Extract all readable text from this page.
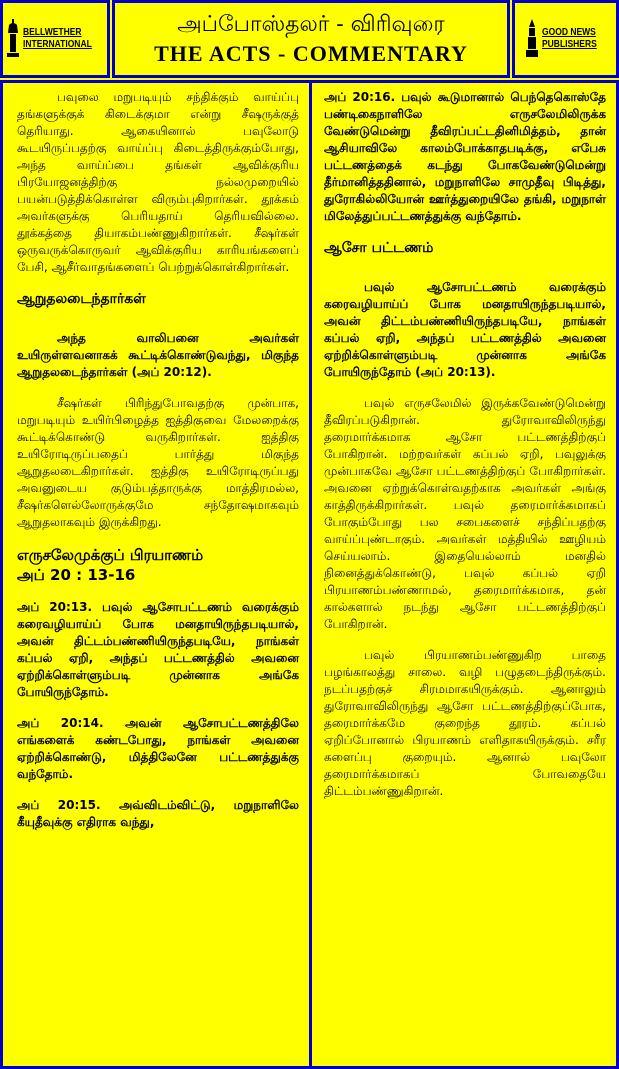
BELLWETHER
INTERNATIONAL
அப்போஸ்தலர் - விரிவுரை
THE ACTS - COMMENTARY
GOOD NEWS
PUBLISHERS

பவுலை மறுபடியும் சந்திக்கும் வாய்ப்பு தங்களுக்குக் கிடைக்குமா என்று சீஷருக்குத் தெரியாது. ஆகையினால் பவுலோடு கூடயிருப்பதற்கு வாய்ப்பு கிடைத்திருக்கும்போது, அந்த வாய்ப்பை தங்கள் ஆவிக்குரிய பிரயோஜனத்திற்கு நல்லமுறையில் பயன்படுத்திக்கொள்ள விரும்புகிறார்கள். தூக்கம் அவர்களுக்கு பெரியதாய் தெரியவில்லை. தூக்கத்தை தியாகம்பண்ணுகிறார்கள். சீஷர்கள் ஒருவருக்கொருவர் ஆவிக்குரிய காரியங்களைப் பேசி, ஆசீர்வாதங்களைப் பெற்றுக்கொள்கிறார்கள்.

ஆறுதலடைந்தார்கள்

அந்த வாலிபனை அவர்கள் உயிருள்ளவனாகக் கூட்டிக்கொண்டுவந்து, மிகுந்த ஆறுதலடைந்தார்கள் (அப் 20:12).

சீஷர்கள் பிரிந்துபோவதற்கு முன்பாக, மறுபடியும் உயிர்பிழைத்த ஐத்திகுவை மேலறைக்கு கூட்டிக்கொண்டு வருகிறார்கள். ஐத்திகு உயிரோடிருப்பதைப் பார்த்து மிகுந்த ஆறுதலடைகிறார்கள். ஐத்திகு உயிரோடிருப்பது அவனுடைய குடும்பத்தாருக்கு மாத்திரமல்ல, சீஷர்களெல்லோருக்குமே சந்தோஷமாகவும் ஆறுதலாகவும் இருக்கிறது.

எருசலேமுக்குப் பிரயாணம்
அப் 20 : 13-16

அப் 20:13. பவுல் ஆசோபட்டணம் வரைக்கும் கரைவழியாய்ப் போக மனதாயிருந்தபடியால், அவன் திட்டம்பண்ணியிருந்தபடியே, நாங்கள் கப்பல் ஏறி, அந்தப் பட்டணத்தில் அவனை ஏற்றிக்கொள்ளும்படி முன்னாக அங்கே போயிருந்தோம்.

அப் 20:14. அவன் ஆசோபட்டணத்திலே எங்களைக் கண்டபோது, நாங்கள் அவனை ஏற்றிக்கொண்டு, மித்திலேனே பட்டணத்துக்கு வந்தோம்.

அப் 20:15. அவ்விடம்விட்டு, மறுநாளிலே கீயுதீவுக்கு எதிராக வந்து,

அப் 20:16. பவுல் கூடுமானால் பெந்தெகொஸ்தே பண்டிகைநாளிலே எருசலேமிலிருக்க வேண்டுமென்று தீவிரப்பட்டதினிமித்தம், தான் ஆசியாவிலே காலம்போக்காதபடிக்கு, எபேசு பட்டணத்தைக் கடந்து போகவேண்டுமென்று தீர்மானித்ததினால், மறுநாளிலே சாமுதீவு பிடித்து, துரோகில்லியோன் ஊர்த்துறையிலே தங்கி, மறுநாள் மிலேத்துப்பட்டணத்துக்கு வந்தோம்.

ஆசோ பட்டணம்

பவுல் ஆசோபட்டணம் வரைக்கும் கரைவழியாய்ப் போக மனதாயிருந்தபடியால், அவன் திட்டம்பண்ணியிருந்தபடியே, நாங்கள் கப்பல் ஏறி, அந்தப் பட்டணத்தில் அவனை ஏற்றிக்கொள்ளும்படி முன்னாக அங்கே போயிருந்தோம் (அப் 20:13).

பவுல் எருசலேமில் இருக்கவேண்டுமென்று தீவிரப்படுகிறான். துரோவாவிலிருந்து தரைமார்க்கமாக ஆசோ பட்டணத்திற்குப் போகிறான். மற்றவர்கள் கப்பல் ஏறி, பவுலுக்கு முன்பாகவே ஆசோ பட்டணத்திற்குப் போகிறார்கள். அவனை ஏற்றுக்கொள்வதற்காக அவர்கள் அங்கு காத்திருக்கிறார்கள். பவுல் தரைமார்க்கமாகப் போகும்போது பல சபைகளைச் சந்திப்பதற்கு வாய்ப்புண்டாகும். அவர்கள் மத்தியில் ஊழியம் செய்யலாம். இதையெல்லாம் மனதில் நினைத்துக்கொண்டு, பவுல் கப்பல் ஏறி பிரயாணம்பண்ணாமல், தரைமார்க்கமாக, தன் கால்களால் நடந்து ஆசோ பட்டணத்திற்குப் போகிறான்.

பவுல் பிரயாணம்பண்ணுகிற பாதை பழங்காலத்து சாலை. வழி பழுதடைந்திருக்கும். நடப்பதற்குச் சிரமமாகயிருக்கும். ஆனாலும் துரோவாவிலிருந்து ஆசோ பட்டணத்திற்குப்போக, தரைமார்க்கமே குறைந்த தூரம். கப்பல் ஏறிப்போனால் பிரயாணம் எளிதாகயிருக்கும். சரீர களைப்பு குறையும். ஆனால் பவுலோ தரைமார்க்கமாகப் போவதையே திட்டம்பண்ணுகிறான்.
